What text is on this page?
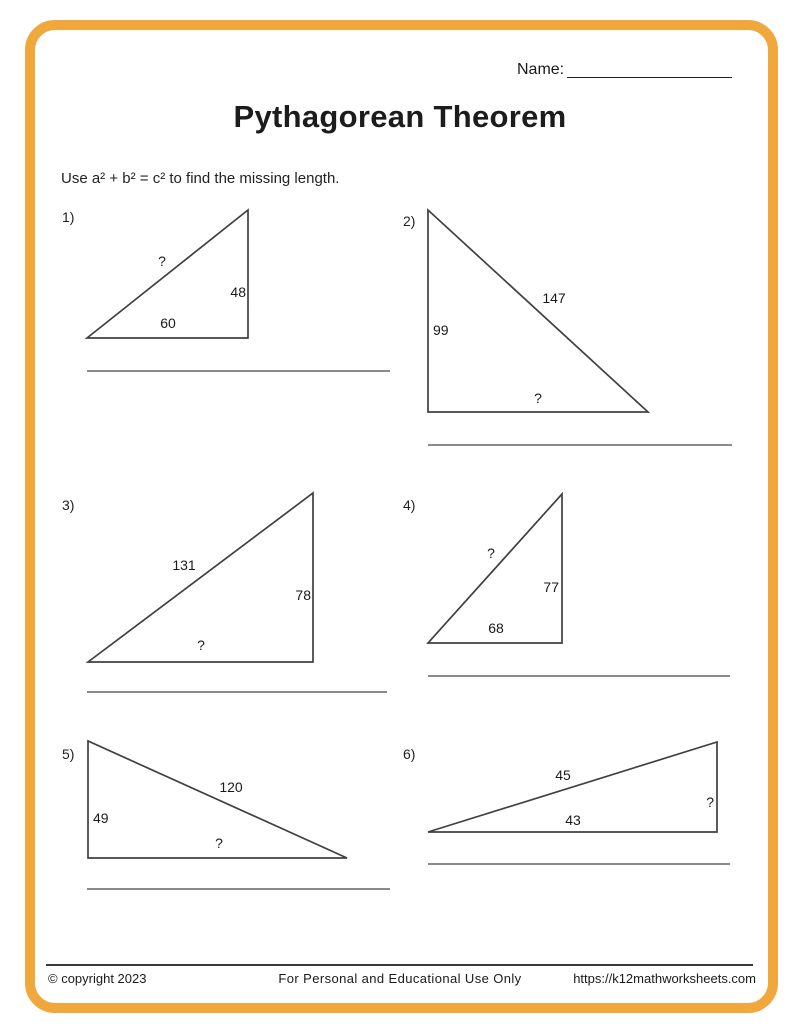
Name:
Pythagorean Theorem

Use a² + b² = c² to find the missing length.

1)
?
48
60
2)
147
99
?
3)
131
78
?
4)
?
77
68
5)
120
49
?
6)
45
?
43
© copyright 2023	For Personal and Educational Use Only	https://k12mathworksheets.com
